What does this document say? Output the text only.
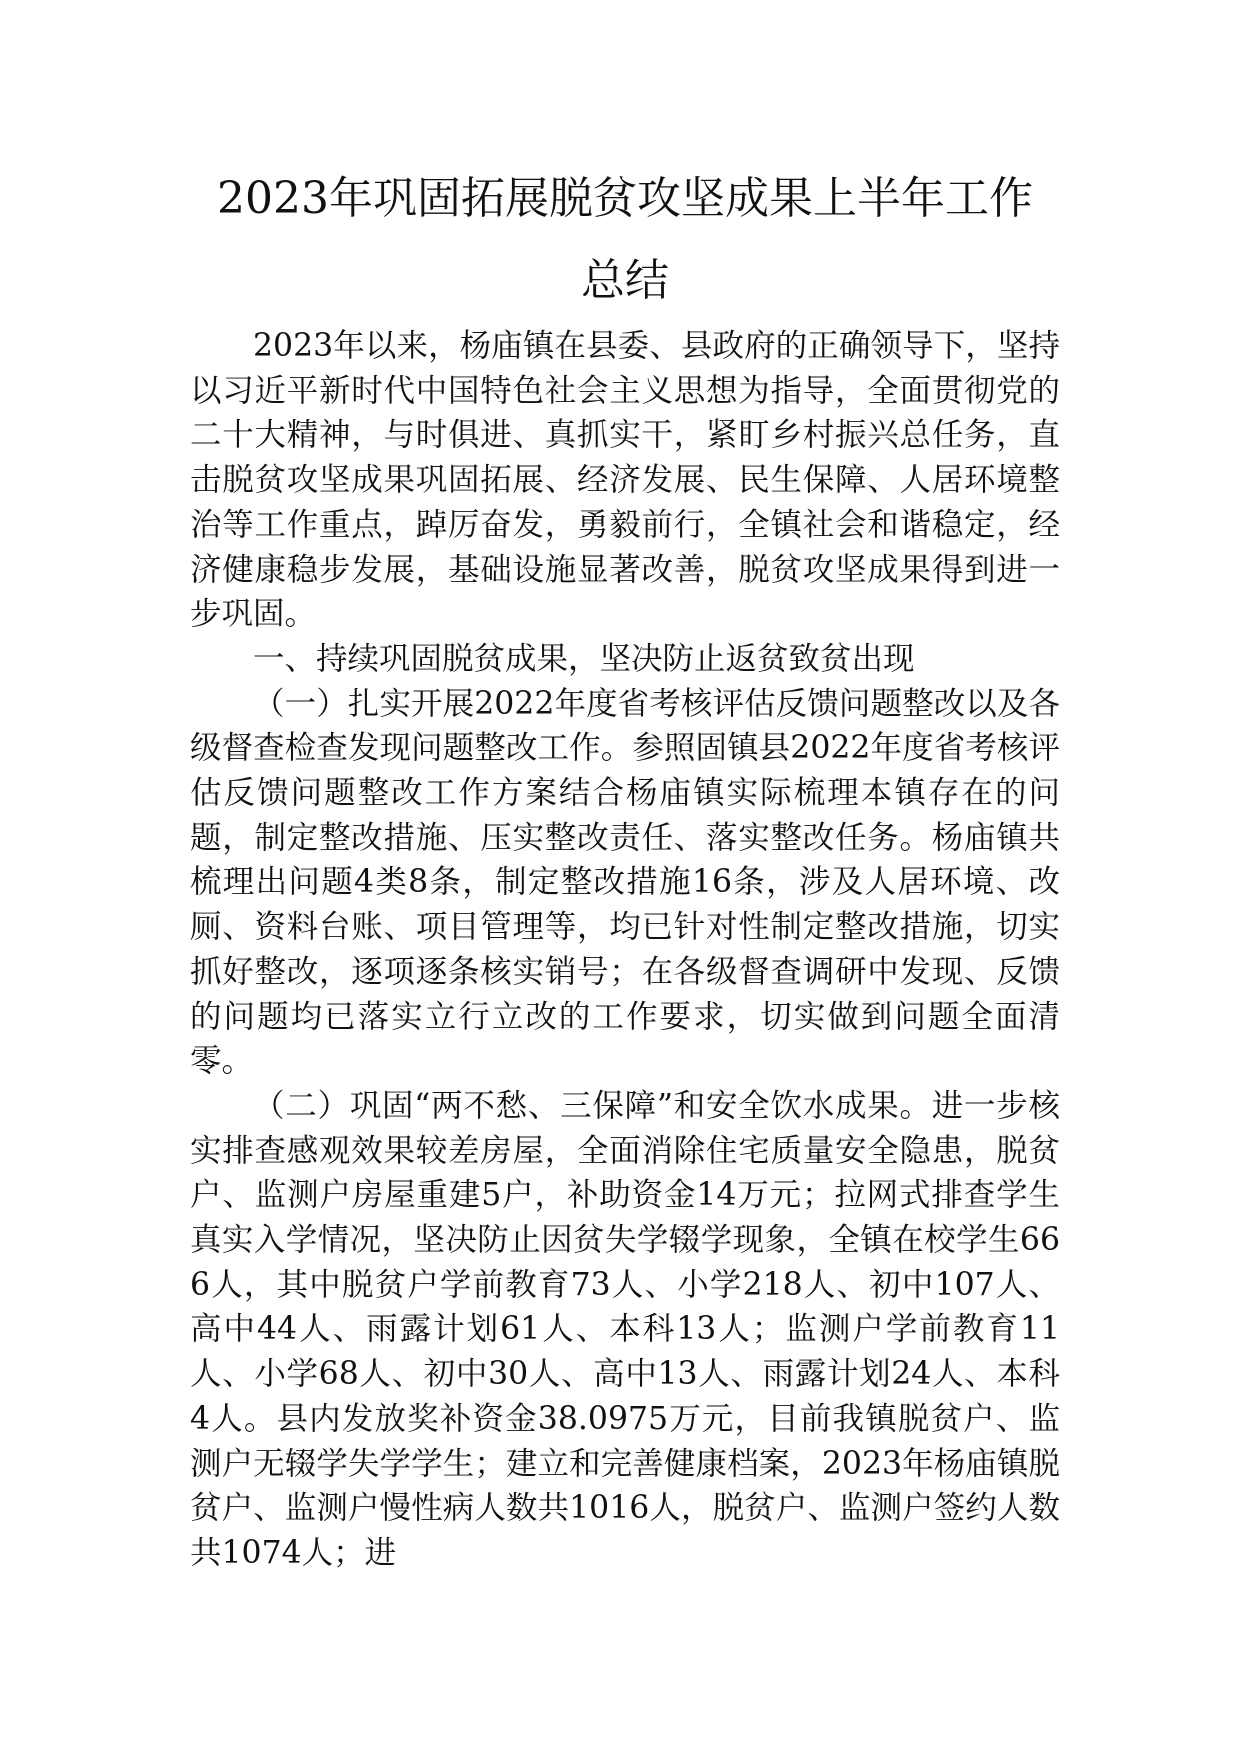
2023年巩固拓展脱贫攻坚成果上半年工作
总结

2023年以来，杨庙镇在县委、县政府的正确领导下，坚持以习近平新时代中国特色社会主义思想为指导，全面贯彻党的二十大精神，与时俱进、真抓实干，紧盯乡村振兴总任务，直击脱贫攻坚成果巩固拓展、经济发展、民生保障、人居环境整治等工作重点，踔厉奋发，勇毅前行，全镇社会和谐稳定，经济健康稳步发展，基础设施显著改善，脱贫攻坚成果得到进一步巩固。

一、持续巩固脱贫成果，坚决防止返贫致贫出现

（一）扎实开展2022年度省考核评估反馈问题整改以及各级督查检查发现问题整改工作。参照固镇县2022年度省考核评估反馈问题整改工作方案结合杨庙镇实际梳理本镇存在的问题，制定整改措施、压实整改责任、落实整改任务。杨庙镇共梳理出问题4类8条，制定整改措施16条，涉及人居环境、改厕、资料台账、项目管理等，均已针对性制定整改措施，切实抓好整改，逐项逐条核实销号；在各级督查调研中发现、反馈的问题均已落实立行立改的工作要求，切实做到问题全面清零。

（二）巩固“两不愁、三保障”和安全饮水成果。进一步核实排查感观效果较差房屋，全面消除住宅质量安全隐患，脱贫户、监测户房屋重建5户，补助资金14万元；拉网式排查学生真实入学情况，坚决防止因贫失学辍学现象，全镇在校学生666人，其中脱贫户学前教育73人、小学218人、初中107人、高中44人、雨露计划61人、本科13人；监测户学前教育11人、小学68人、初中30人、高中13人、雨露计划24人、本科4人。县内发放奖补资金38.0975万元，目前我镇脱贫户、监测户无辍学失学学生；建立和完善健康档案，2023年杨庙镇脱贫户、监测户慢性病人数共1016人，脱贫户、监测户签约人数共1074人；进
